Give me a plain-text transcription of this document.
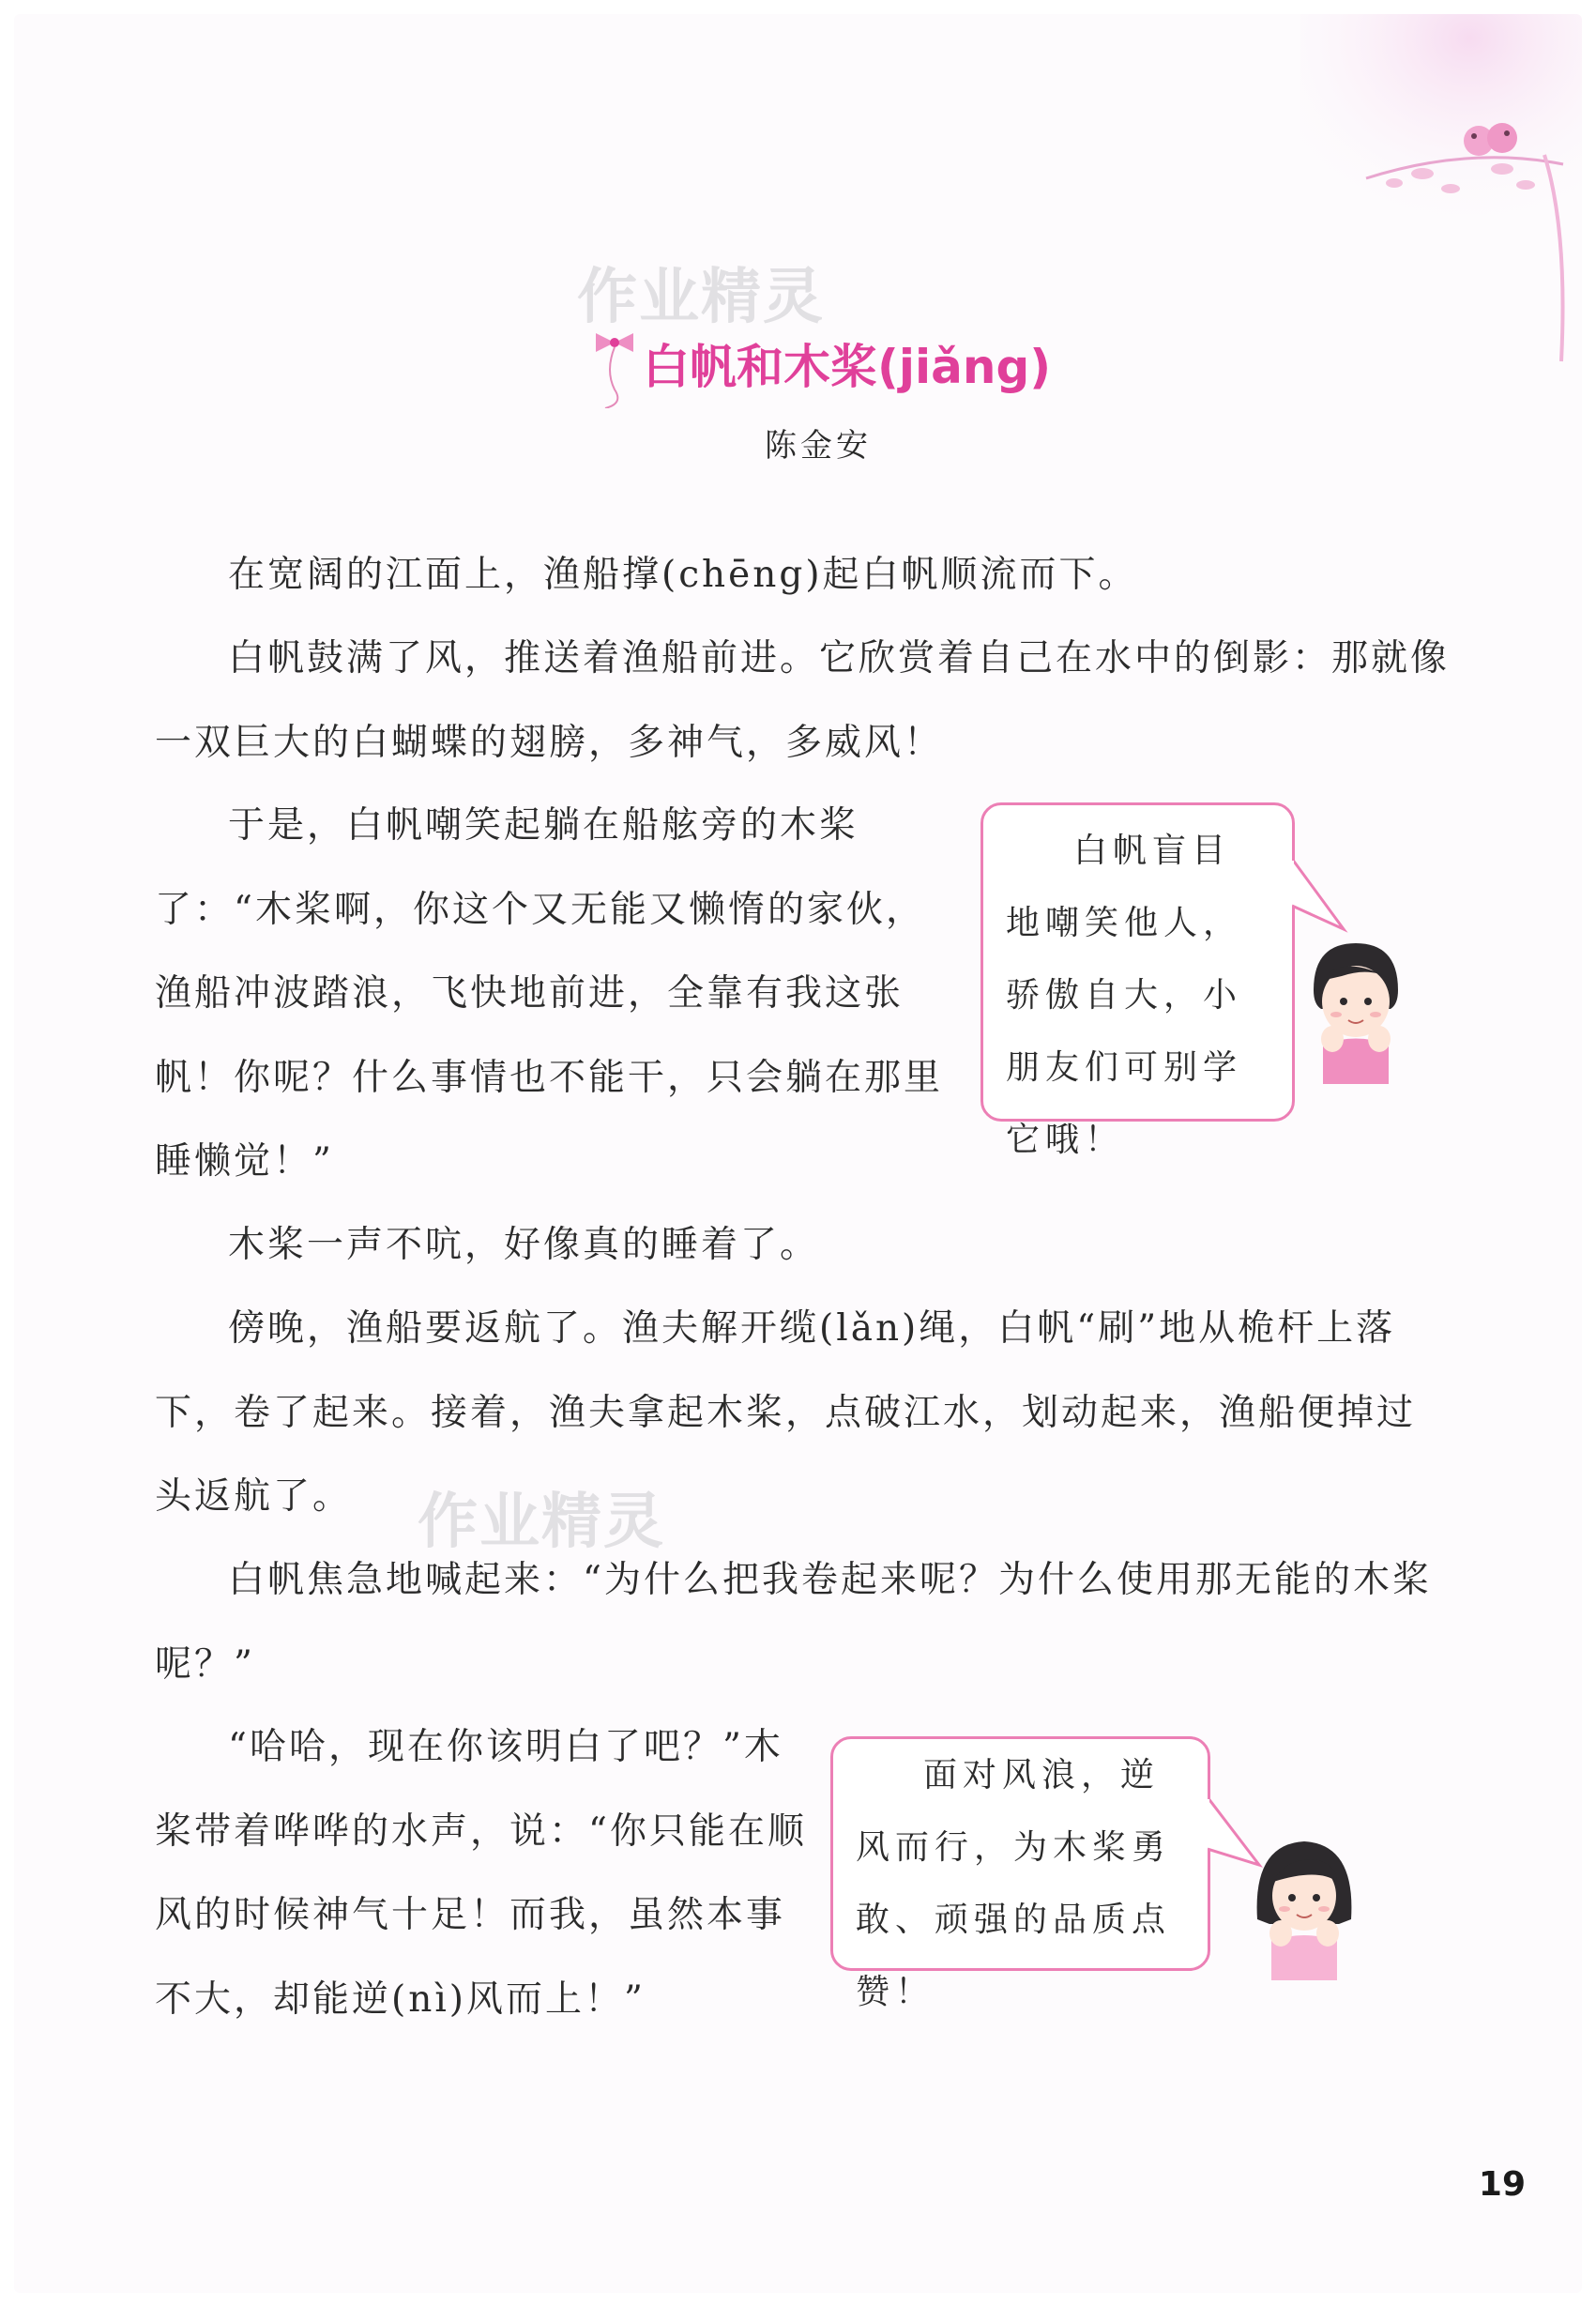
作业精灵
作业精灵
白帆和木桨(jiǎng)
陈金安

在宽阔的江面上，渔船撑(chēng)起白帆顺流而下。

白帆鼓满了风，推送着渔船前进。它欣赏着自己在水中的倒影：那就像一双巨大的白蝴蝶的翅膀，多神气，多威风！

于是，白帆嘲笑起躺在船舷旁的木桨了：“木桨啊，你这个又无能又懒惰的家伙，渔船冲波踏浪，飞快地前进，全靠有我这张帆！你呢？什么事情也不能干，只会躺在那里睡懒觉！”

木桨一声不吭，好像真的睡着了。

傍晚，渔船要返航了。渔夫解开缆(lǎn)绳，白帆“刷”地从桅杆上落下，卷了起来。接着，渔夫拿起木桨，点破江水，划动起来，渔船便掉过头返航了。

白帆焦急地喊起来：“为什么把我卷起来呢？为什么使用那无能的木桨呢？”

“哈哈，现在你该明白了吧？”木桨带着哗哗的水声，说：“你只能在顺风的时候神气十足！而我，虽然本事不大，却能逆(nì)风而上！”

白帆盲目地嘲笑他人，骄傲自大，小朋友们可别学它哦！
面对风浪，逆风而行，为木桨勇敢、顽强的品质点赞！
19
